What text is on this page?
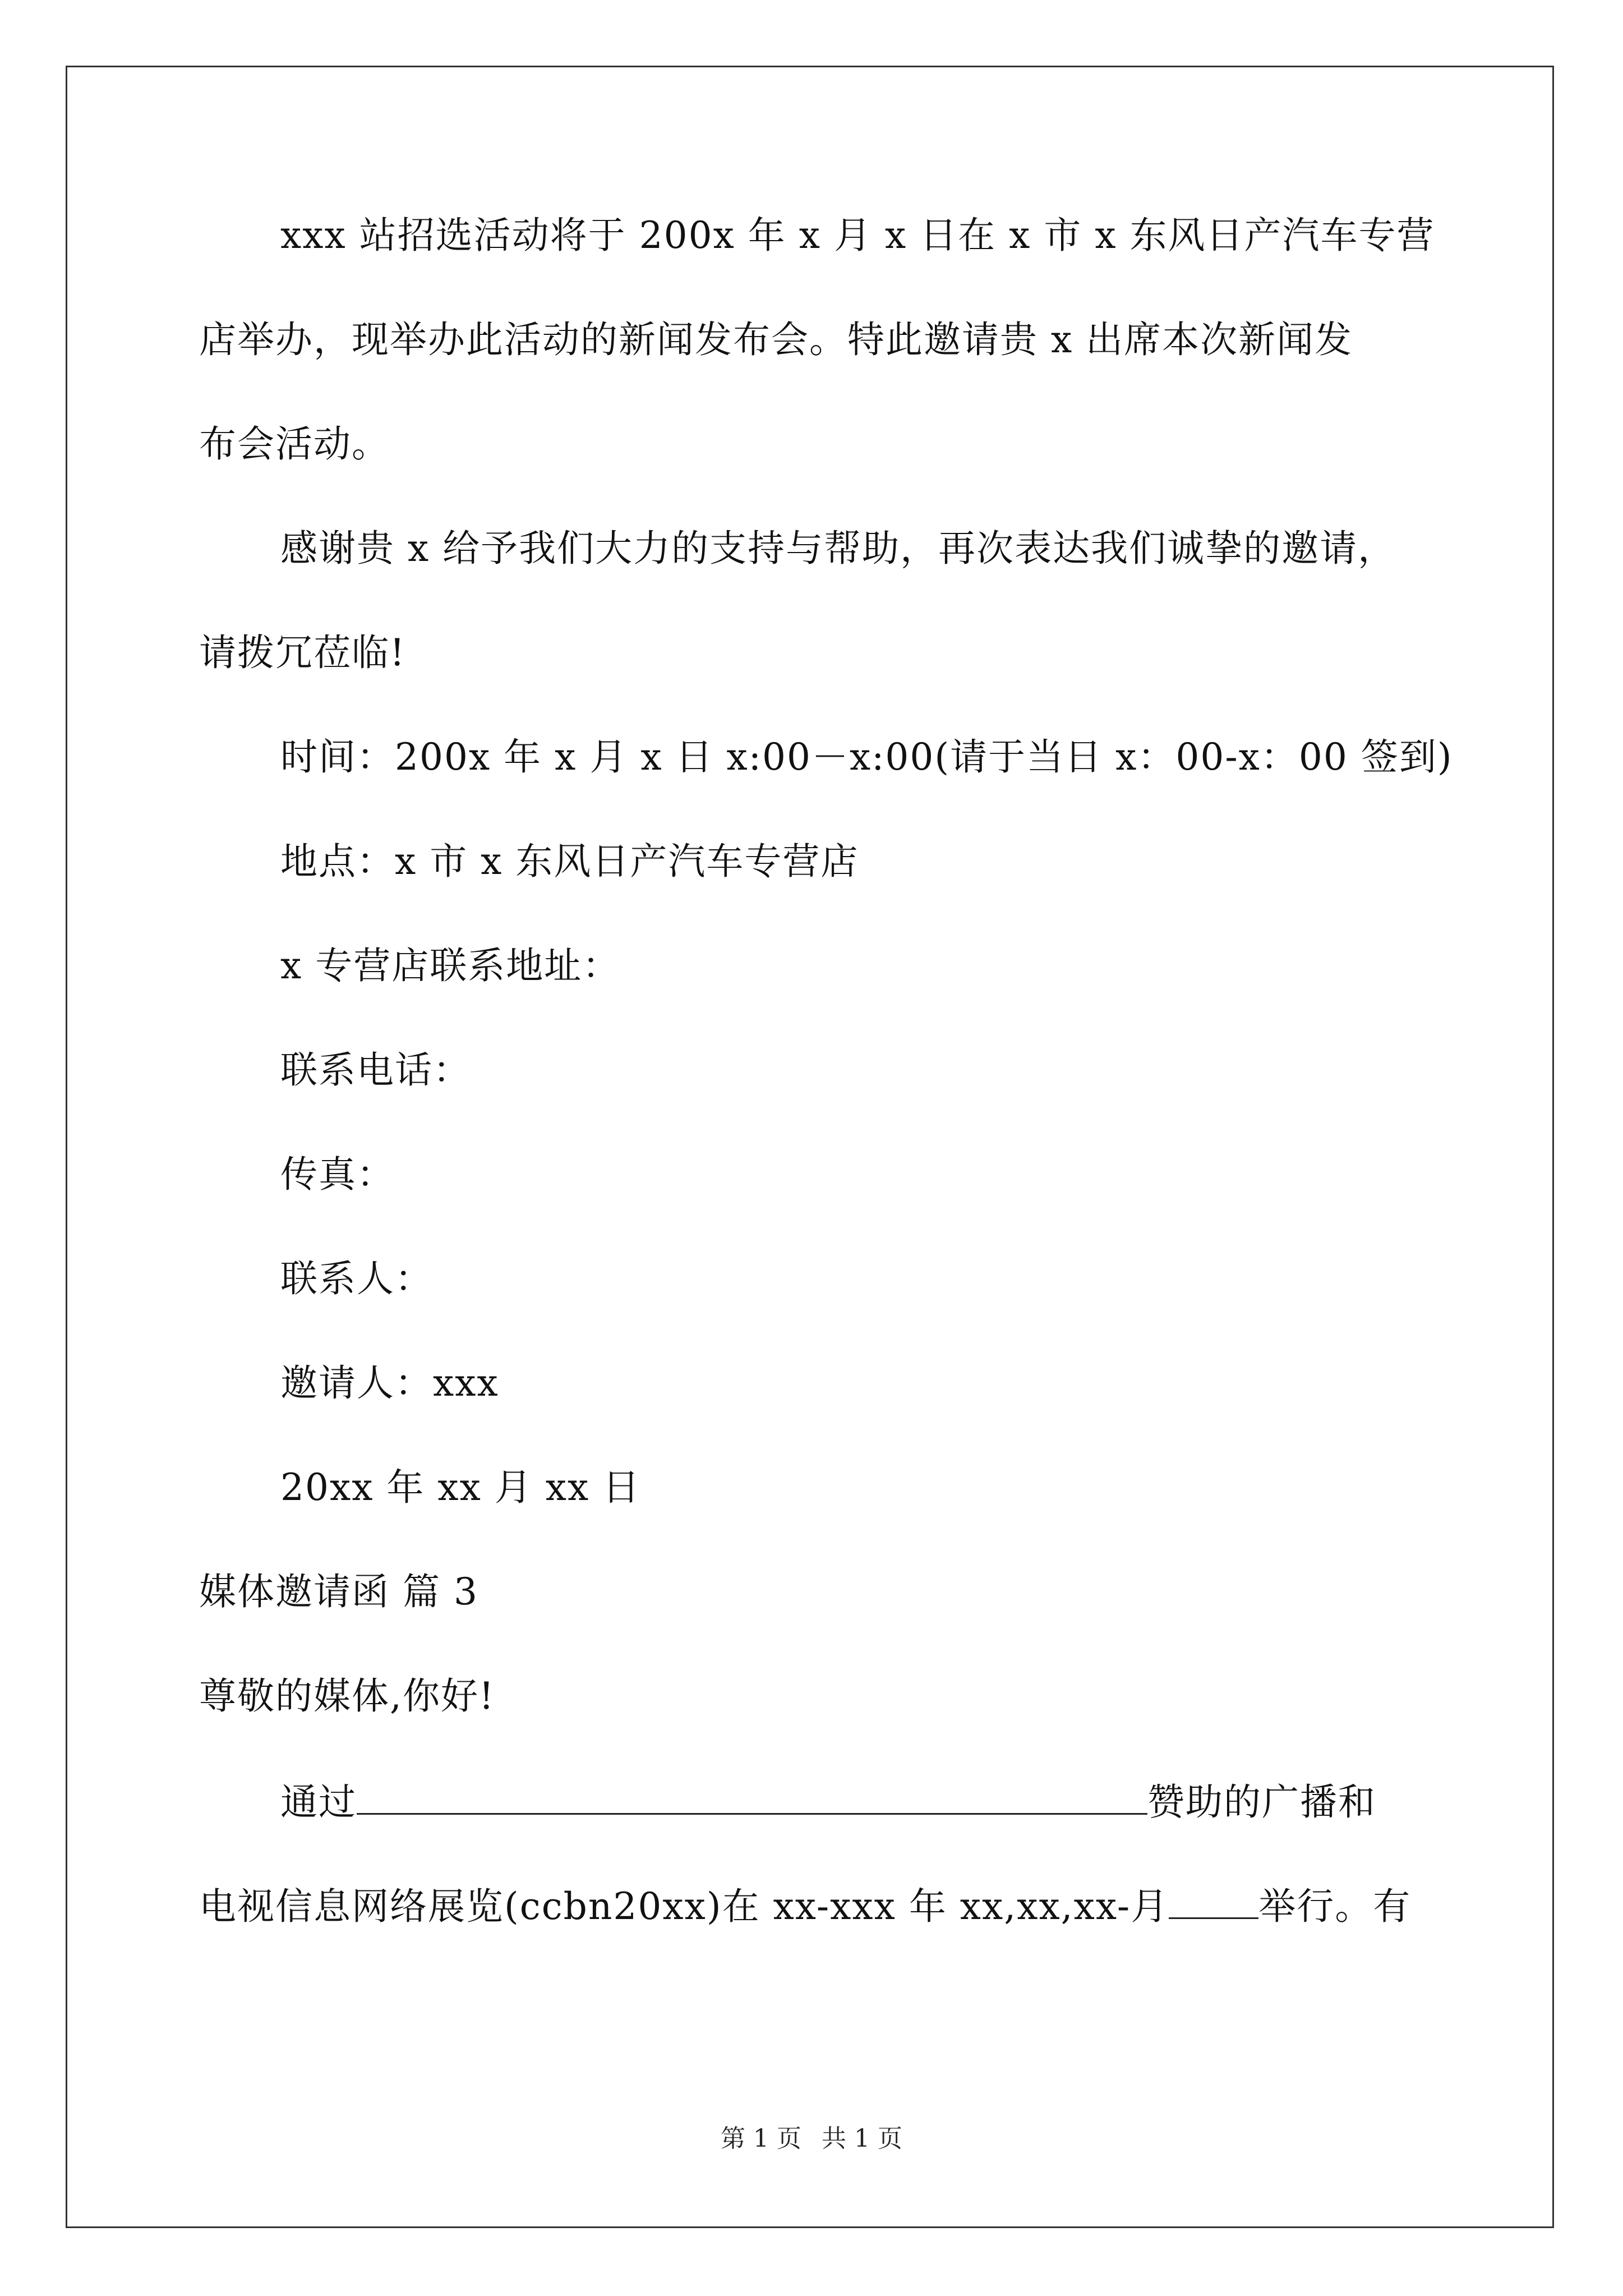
xxx 站招选活动将于 200x 年 x 月 x 日在 x 市 x 东风日产汽车专营
店举办，现举办此活动的新闻发布会。特此邀请贵 x 出席本次新闻发
布会活动。
感谢贵 x 给予我们大力的支持与帮助，再次表达我们诚挚的邀请，
请拨冗莅临!
时间：200x 年 x 月 x 日 x:00－x:00(请于当日 x：00-x：00 签到)
地点：x 市 x 东风日产汽车专营店
x 专营店联系地址：
联系电话：
传真：
联系人：
邀请人：xxx
20xx 年 xx 月 xx 日
媒体邀请函 篇 3
尊敬的媒体,你好!
通过	赞助的广播和
电视信息网络展览(ccbn20xx)在 xx-xxx 年 xx,xx,xx-月 举行。有
第 1 页 共 1 页
